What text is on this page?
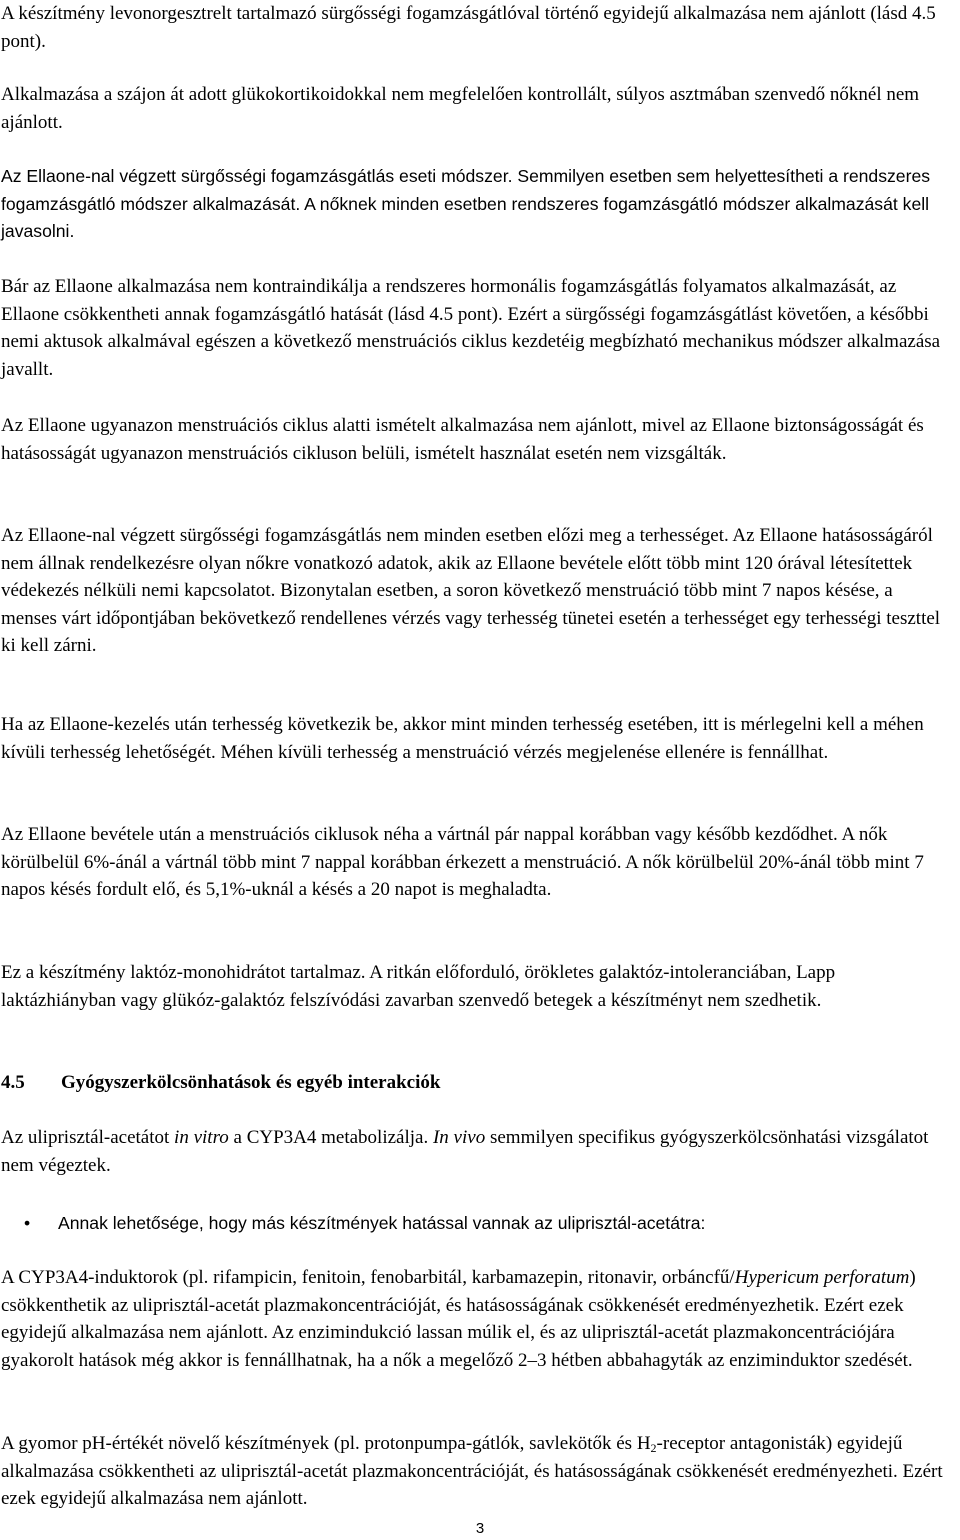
A készítmény levonorgesztrelt tartalmazó sürgősségi fogamzásgátlóval történő egyidejű alkalmazása nem ajánlott (lásd 4.5 pont).

Alkalmazása a szájon át adott glükokortikoidokkal nem megfelelően kontrollált, súlyos asztmában szenvedő nőknél nem ajánlott.

Az Ellaone-nal végzett sürgősségi fogamzásgátlás eseti módszer. Semmilyen esetben sem helyettesítheti a rendszeres fogamzásgátló módszer alkalmazását. A nőknek minden esetben rendszeres fogamzásgátló módszer alkalmazását kell javasolni.

Bár az Ellaone alkalmazása nem kontraindikálja a rendszeres hormonális fogamzásgátlás folyamatos alkalmazását, az Ellaone csökkentheti annak fogamzásgátló hatását (lásd 4.5 pont). Ezért a sürgősségi fogamzásgátlást követően, a későbbi nemi aktusok alkalmával egészen a következő menstruációs ciklus kezdetéig megbízható mechanikus módszer alkalmazása javallt.

Az Ellaone ugyanazon menstruációs ciklus alatti ismételt alkalmazása nem ajánlott, mivel az Ellaone biztonságosságát és hatásosságát ugyanazon menstruációs cikluson belüli, ismételt használat esetén nem vizsgálták.

Az Ellaone-nal végzett sürgősségi fogamzásgátlás nem minden esetben előzi meg a terhességet. Az Ellaone hatásosságáról nem állnak rendelkezésre olyan nőkre vonatkozó adatok, akik az Ellaone bevétele előtt több mint 120 órával létesítettek védekezés nélküli nemi kapcsolatot. Bizonytalan esetben, a soron következő menstruáció több mint 7 napos késése, a menses várt időpontjában bekövetkező rendellenes vérzés vagy terhesség tünetei esetén a terhességet egy terhességi teszttel ki kell zárni.

Ha az Ellaone-kezelés után terhesség következik be, akkor mint minden terhesség esetében, itt is mérlegelni kell a méhen kívüli terhesség lehetőségét. Méhen kívüli terhesség a menstruáció vérzés megjelenése ellenére is fennállhat.

Az Ellaone bevétele után a menstruációs ciklusok néha a vártnál pár nappal korábban vagy később kezdődhet. A nők körülbelül 6%-ánál a vártnál több mint 7 nappal korábban érkezett a menstruáció. A nők körülbelül 20%-ánál több mint 7 napos késés fordult elő, és 5,1%-uknál a késés a 20 napot is meghaladta.

Ez a készítmény laktóz-monohidrátot tartalmaz. A ritkán előforduló, örökletes galaktóz-intoleranciában, Lapp laktázhiányban vagy glükóz-galaktóz felszívódási zavarban szenvedő betegek a készítményt nem szedhetik.

4.5 Gyógyszerkölcsönhatások és egyéb interakciók

Az uliprisztál-acetátot in vitro a CYP3A4 metabolizálja. In vivo semmilyen specifikus gyógyszerkölcsönhatási vizsgálatot nem végeztek.

• Annak lehetősége, hogy más készítmények hatással vannak az uliprisztál-acetátra:

A CYP3A4-induktorok (pl. rifampicin, fenitoin, fenobarbitál, karbamazepin, ritonavir, orbáncfű/Hypericum perforatum) csökkenthetik az uliprisztál-acetát plazmakoncentrációját, és hatásosságának csökkenését eredményezhetik. Ezért ezek egyidejű alkalmazása nem ajánlott. Az enzimindukció lassan múlik el, és az uliprisztál-acetát plazmakoncentrációjára gyakorolt hatások még akkor is fennállhatnak, ha a nők a megelőző 2–3 hétben abbahagyták az enziminduktor szedését.

A gyomor pH-értékét növelő készítmények (pl. protonpumpa-gátlók, savlekötők és $H_2$-receptor antagonisták) egyidejű alkalmazása csökkentheti az uliprisztál-acetát plazmakoncentrációját, és hatásosságának csökkenését eredményezheti. Ezért ezek egyidejű alkalmazása nem ajánlott.

3
